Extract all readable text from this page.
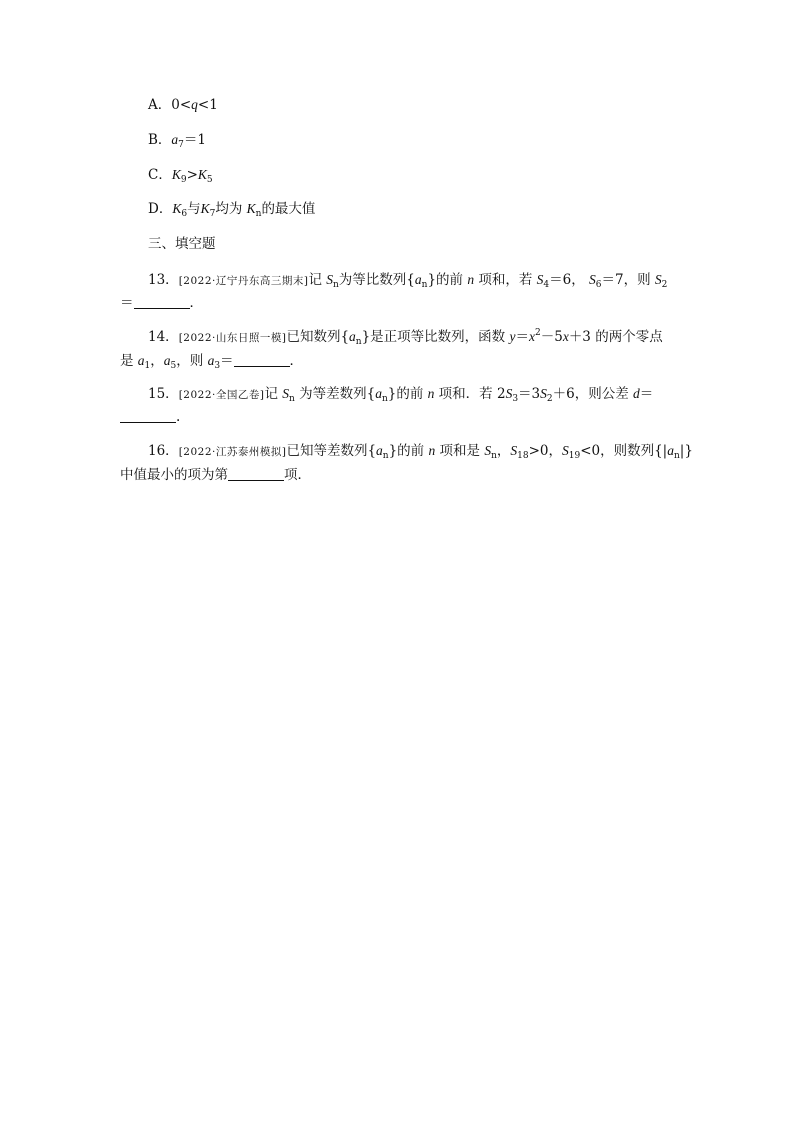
A．0<q<1
B．$a_7=1$
C．$K_9>K_5$
D．$K_6$与$K_7$均为 $K_n$的最大值
三、填空题
13．[2022·辽宁丹东高三期末]记 $S_n$为等比数列$\{a_n\}$的前 n 项和，若 $S_4=6$， $S_6=7$，则 $S_2$
＝	．
14．[2022·山东日照一模]已知数列$\{a_n\}$是正项等比数列，函数 $y=x^2-5x+3$ 的两个零点
是 $a_1$，$a_5$，则 $a_3=$	．
15．[2022·全国乙卷]记 $S_n$ 为等差数列$\{a_n\}$的前 n 项和．若 $2S_3=3S_2+6$，则公差 d＝
.
16．[2022·江苏泰州模拟]已知等差数列$\{a_n\}$的前 n 项和是 $S_n$，$S_{18}>0$，$S_{19}<0$，则数列$\{|a_n|\}$
中值最小的项为第	项．
